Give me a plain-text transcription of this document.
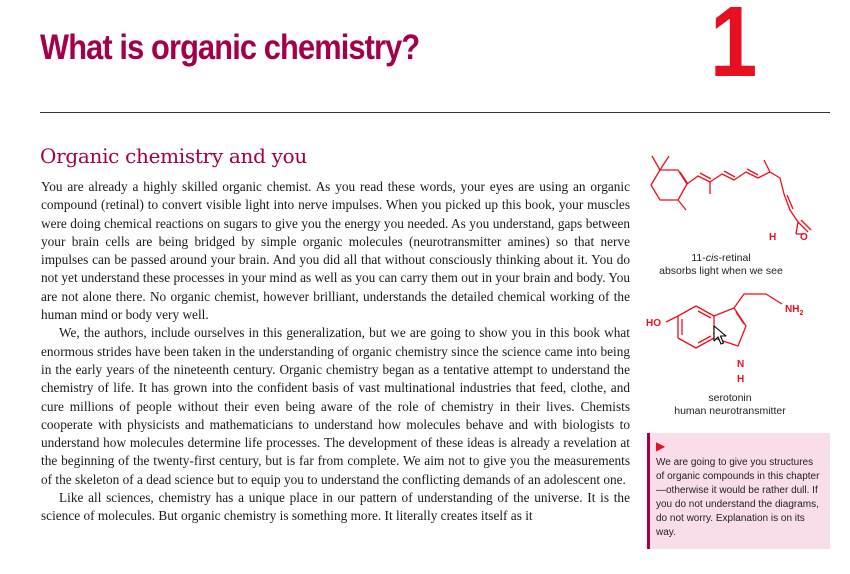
What is organic chemistry?	1
Organic chemistry and you

You are already a highly skilled organic chemist. As you read these words, your eyes are using an organic compound (retinal) to convert visible light into nerve impulses. When you picked up this book, your muscles were doing chemical reactions on sugars to give you the energy you needed. As you understand, gaps between your brain cells are being bridged by simple organic molecules (neurotransmitter amines) so that nerve impulses can be passed around your brain. And you did all that without consciously thinking about it. You do not yet understand these processes in your mind as well as you can carry them out in your brain and body. You are not alone there. No organic chemist, however brilliant, understands the detailed chemical working of the human mind or body very well.

We, the authors, include ourselves in this generalization, but we are going to show you in this book what enormous strides have been taken in the understanding of organic chemistry since the science came into being in the early years of the nineteenth century. Organic chemistry began as a tentative attempt to understand the chemistry of life. It has grown into the confident basis of vast multinational industries that feed, clothe, and cure millions of people without their even being aware of the role of chemistry in their lives. Chemists cooperate with physicists and mathematicians to understand how molecules behave and with biologists to understand how molecules determine life processes. The development of these ideas is already a revelation at the beginning of the twenty-first century, but is far from complete. We aim not to give you the measurements of the skeleton of a dead science but to equip you to understand the conflicting demands of an adolescent one.

Like all sciences, chemistry has a unique place in our pattern of understanding of the universe. It is the science of molecules. But organic chemistry is something more. It literally creates itself as it

H O
11-cis-retinal
absorbs light when we see
HO
N
H
$NH_2$
serotonin
human neurotransmitter
▶
We are going to give you structures of organic compounds in this chapter—otherwise it would be rather dull. If you do not understand the diagrams, do not worry. Explanation is on its way.
